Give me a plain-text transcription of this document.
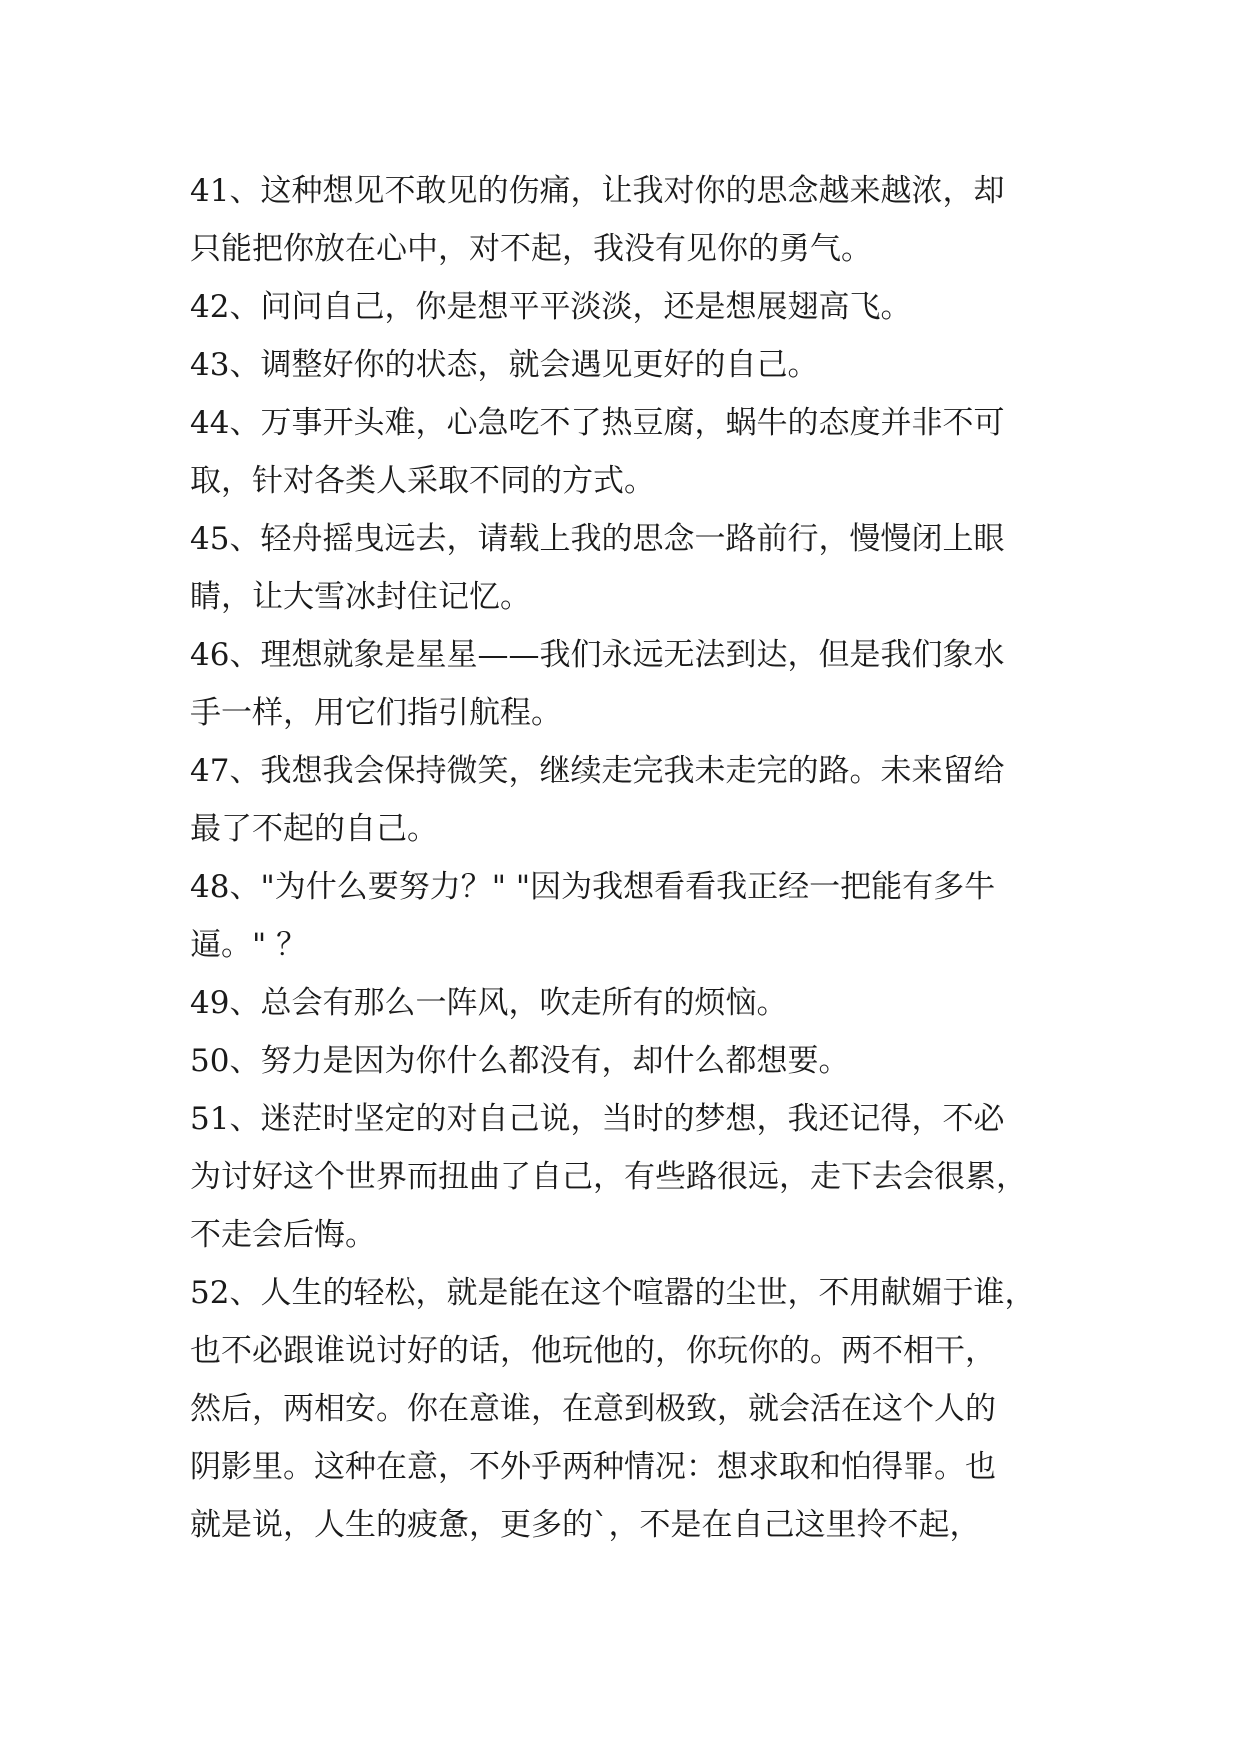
41、这种想见不敢见的伤痛，让我对你的思念越来越浓，却
只能把你放在心中，对不起，我没有见你的勇气。
42、问问自己，你是想平平淡淡，还是想展翅高飞。
43、调整好你的状态，就会遇见更好的自己。
44、万事开头难，心急吃不了热豆腐，蜗牛的态度并非不可
取，针对各类人采取不同的方式。
45、轻舟摇曳远去，请载上我的思念一路前行，慢慢闭上眼
睛，让大雪冰封住记忆。
46、理想就象是星星——我们永远无法到达，但是我们象水
手一样，用它们指引航程。
47、我想我会保持微笑，继续走完我未走完的路。未来留给
最了不起的自己。
48、"为什么要努力？" "因为我想看看我正经一把能有多牛
逼。" ？
49、总会有那么一阵风，吹走所有的烦恼。
50、努力是因为你什么都没有，却什么都想要。
51、迷茫时坚定的对自己说，当时的梦想，我还记得，不必
为讨好这个世界而扭曲了自己，有些路很远，走下去会很累，
不走会后悔。
52、人生的轻松，就是能在这个喧嚣的尘世，不用献媚于谁，
也不必跟谁说讨好的话，他玩他的，你玩你的。两不相干，
然后，两相安。你在意谁，在意到极致，就会活在这个人的
阴影里。这种在意，不外乎两种情况：想求取和怕得罪。也
就是说，人生的疲惫，更多的`，不是在自己这里拎不起，
